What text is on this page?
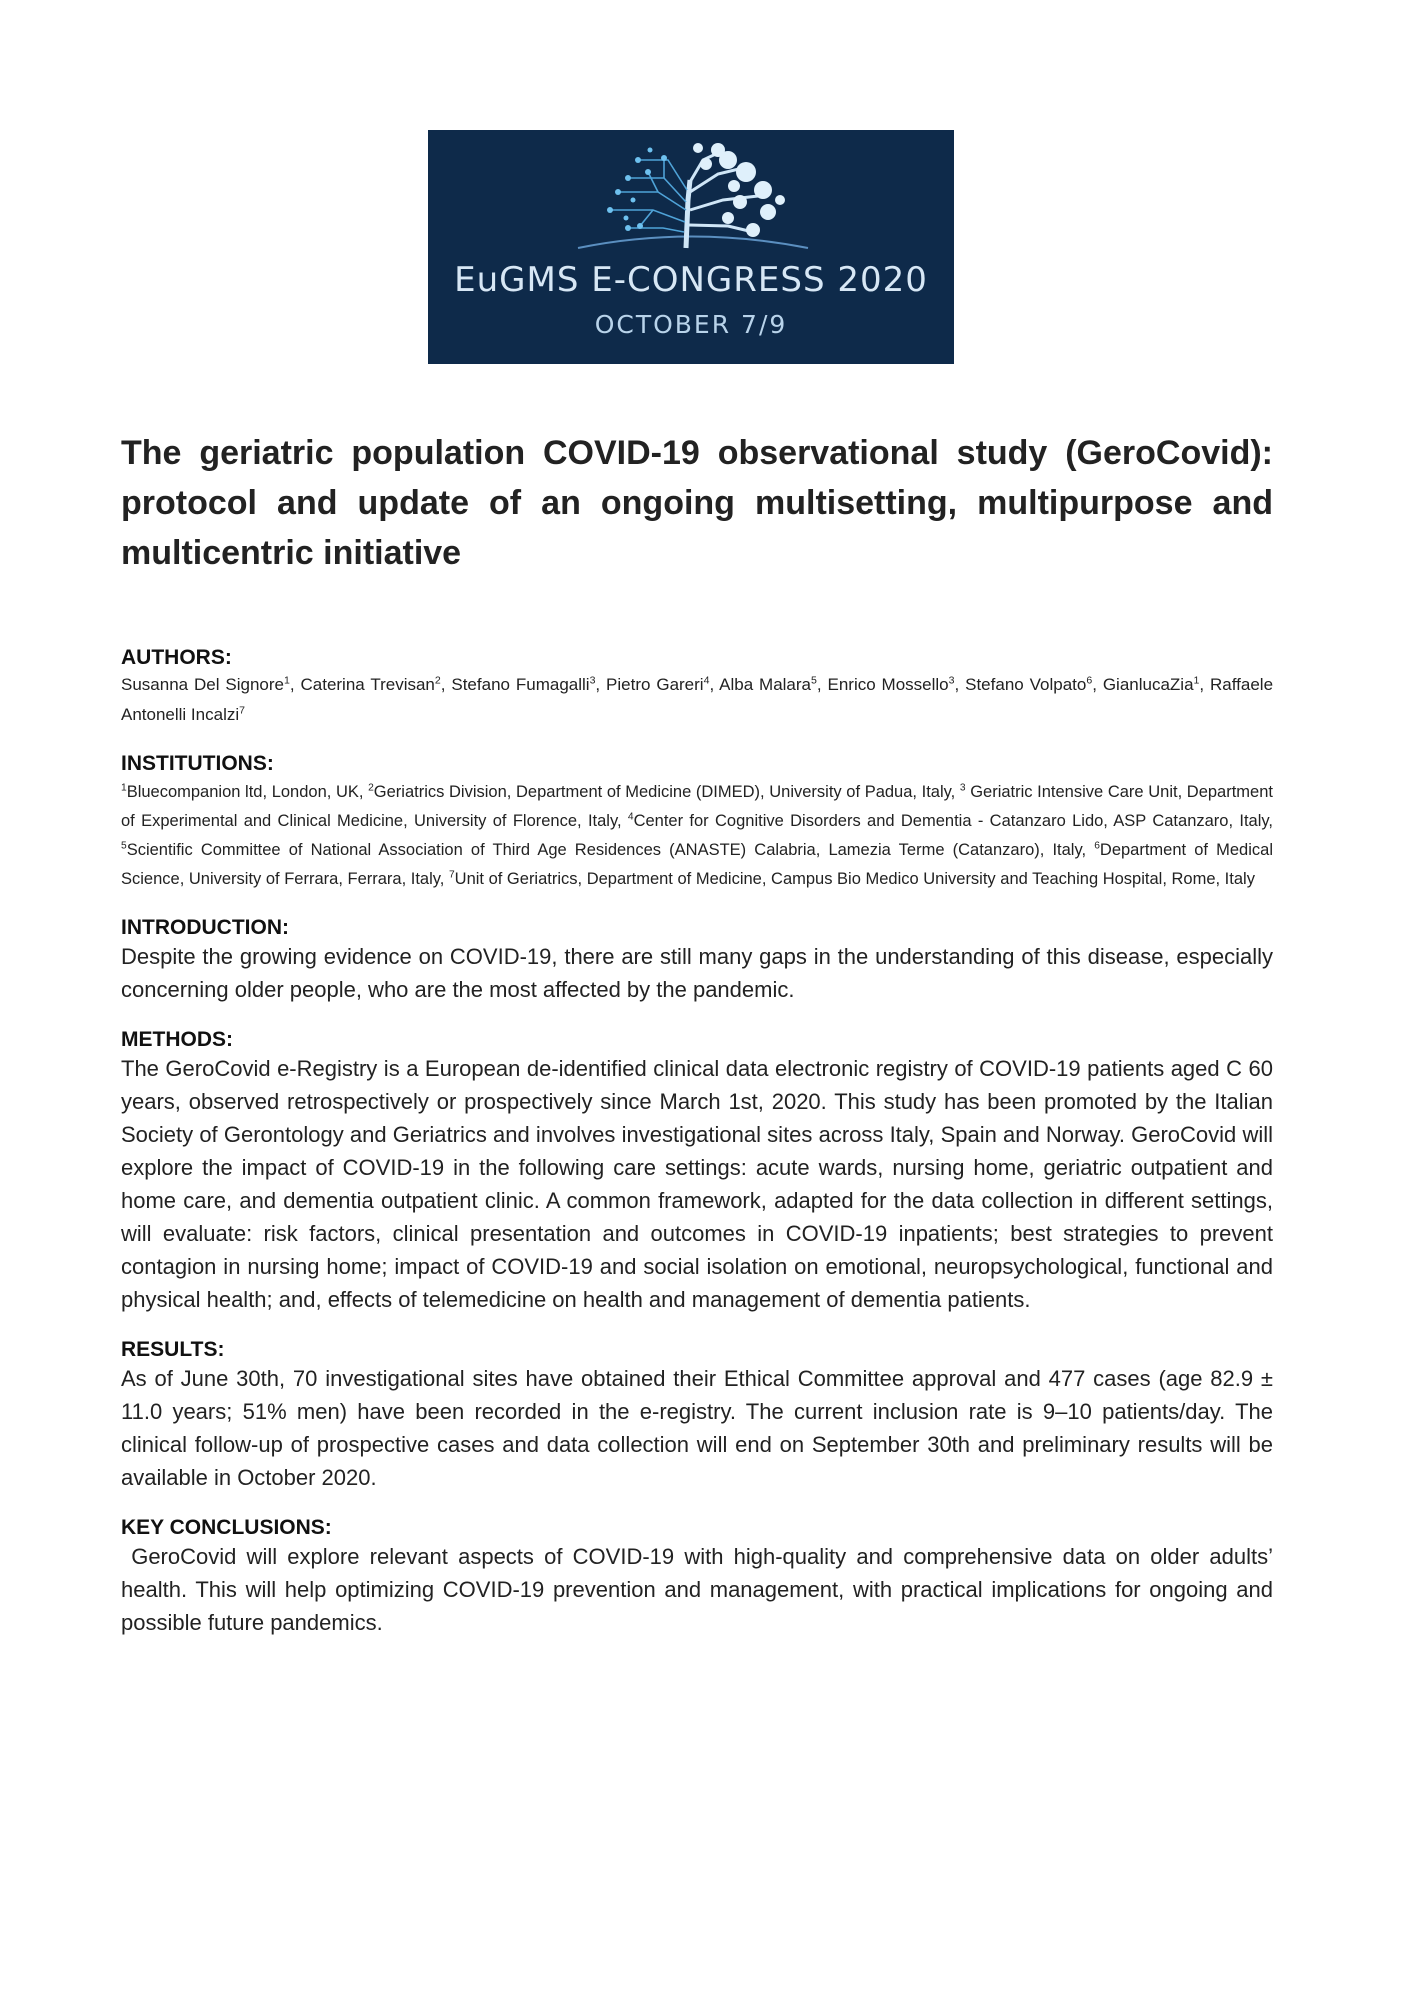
EuGMS E-CONGRESS 2020
OCTOBER 7/9
The geriatric population COVID-19 observational study (GeroCovid): protocol and update of an ongoing multisetting, multipurpose and multicentric initiative

AUTHORS:

Susanna Del Signore$^1$, Caterina Trevisan$^2$, Stefano Fumagalli$^3$, Pietro Gareri$^4$, Alba Malara$^5$, Enrico Mossello$^3$, Stefano Volpato$^6$, GianlucaZia$^1$, Raffaele Antonelli Incalzi$^7$

INSTITUTIONS:

$^1$Bluecompanion ltd, London, UK, $^2$Geriatrics Division, Department of Medicine (DIMED), University of Padua, Italy, $^3$ Geriatric Intensive Care Unit, Department of Experimental and Clinical Medicine, University of Florence, Italy, $^4$Center for Cognitive Disorders and Dementia - Catanzaro Lido, ASP Catanzaro, Italy, $^5$Scientific Committee of National Association of Third Age Residences (ANASTE) Calabria, Lamezia Terme (Catanzaro), Italy, $^6$Department of Medical Science, University of Ferrara, Ferrara, Italy, $^7$Unit of Geriatrics, Department of Medicine, Campus Bio Medico University and Teaching Hospital, Rome, Italy

INTRODUCTION:

Despite the growing evidence on COVID-19, there are still many gaps in the understanding of this disease, especially concerning older people, who are the most affected by the pandemic.

METHODS:

The GeroCovid e-Registry is a European de-identified clinical data electronic registry of COVID-19 patients aged C 60 years, observed retrospectively or prospectively since March 1st, 2020. This study has been promoted by the Italian Society of Gerontology and Geriatrics and involves investigational sites across Italy, Spain and Norway. GeroCovid will explore the impact of COVID-19 in the following care settings: acute wards, nursing home, geriatric outpatient and home care, and dementia outpatient clinic. A common framework, adapted for the data collection in different settings, will evaluate: risk factors, clinical presentation and outcomes in COVID-19 inpatients; best strategies to prevent contagion in nursing home; impact of COVID-19 and social isolation on emotional, neuropsychological, functional and physical health; and, effects of telemedicine on health and management of dementia patients.

RESULTS:

As of June 30th, 70 investigational sites have obtained their Ethical Committee approval and 477 cases (age 82.9 ± 11.0 years; 51% men) have been recorded in the e-registry. The current inclusion rate is 9–10 patients/day. The clinical follow-up of prospective cases and data collection will end on September 30th and preliminary results will be available in October 2020.

KEY CONCLUSIONS:

GeroCovid will explore relevant aspects of COVID-19 with high-quality and comprehensive data on older adults’ health. This will help optimizing COVID-19 prevention and management, with practical implications for ongoing and possible future pandemics.
